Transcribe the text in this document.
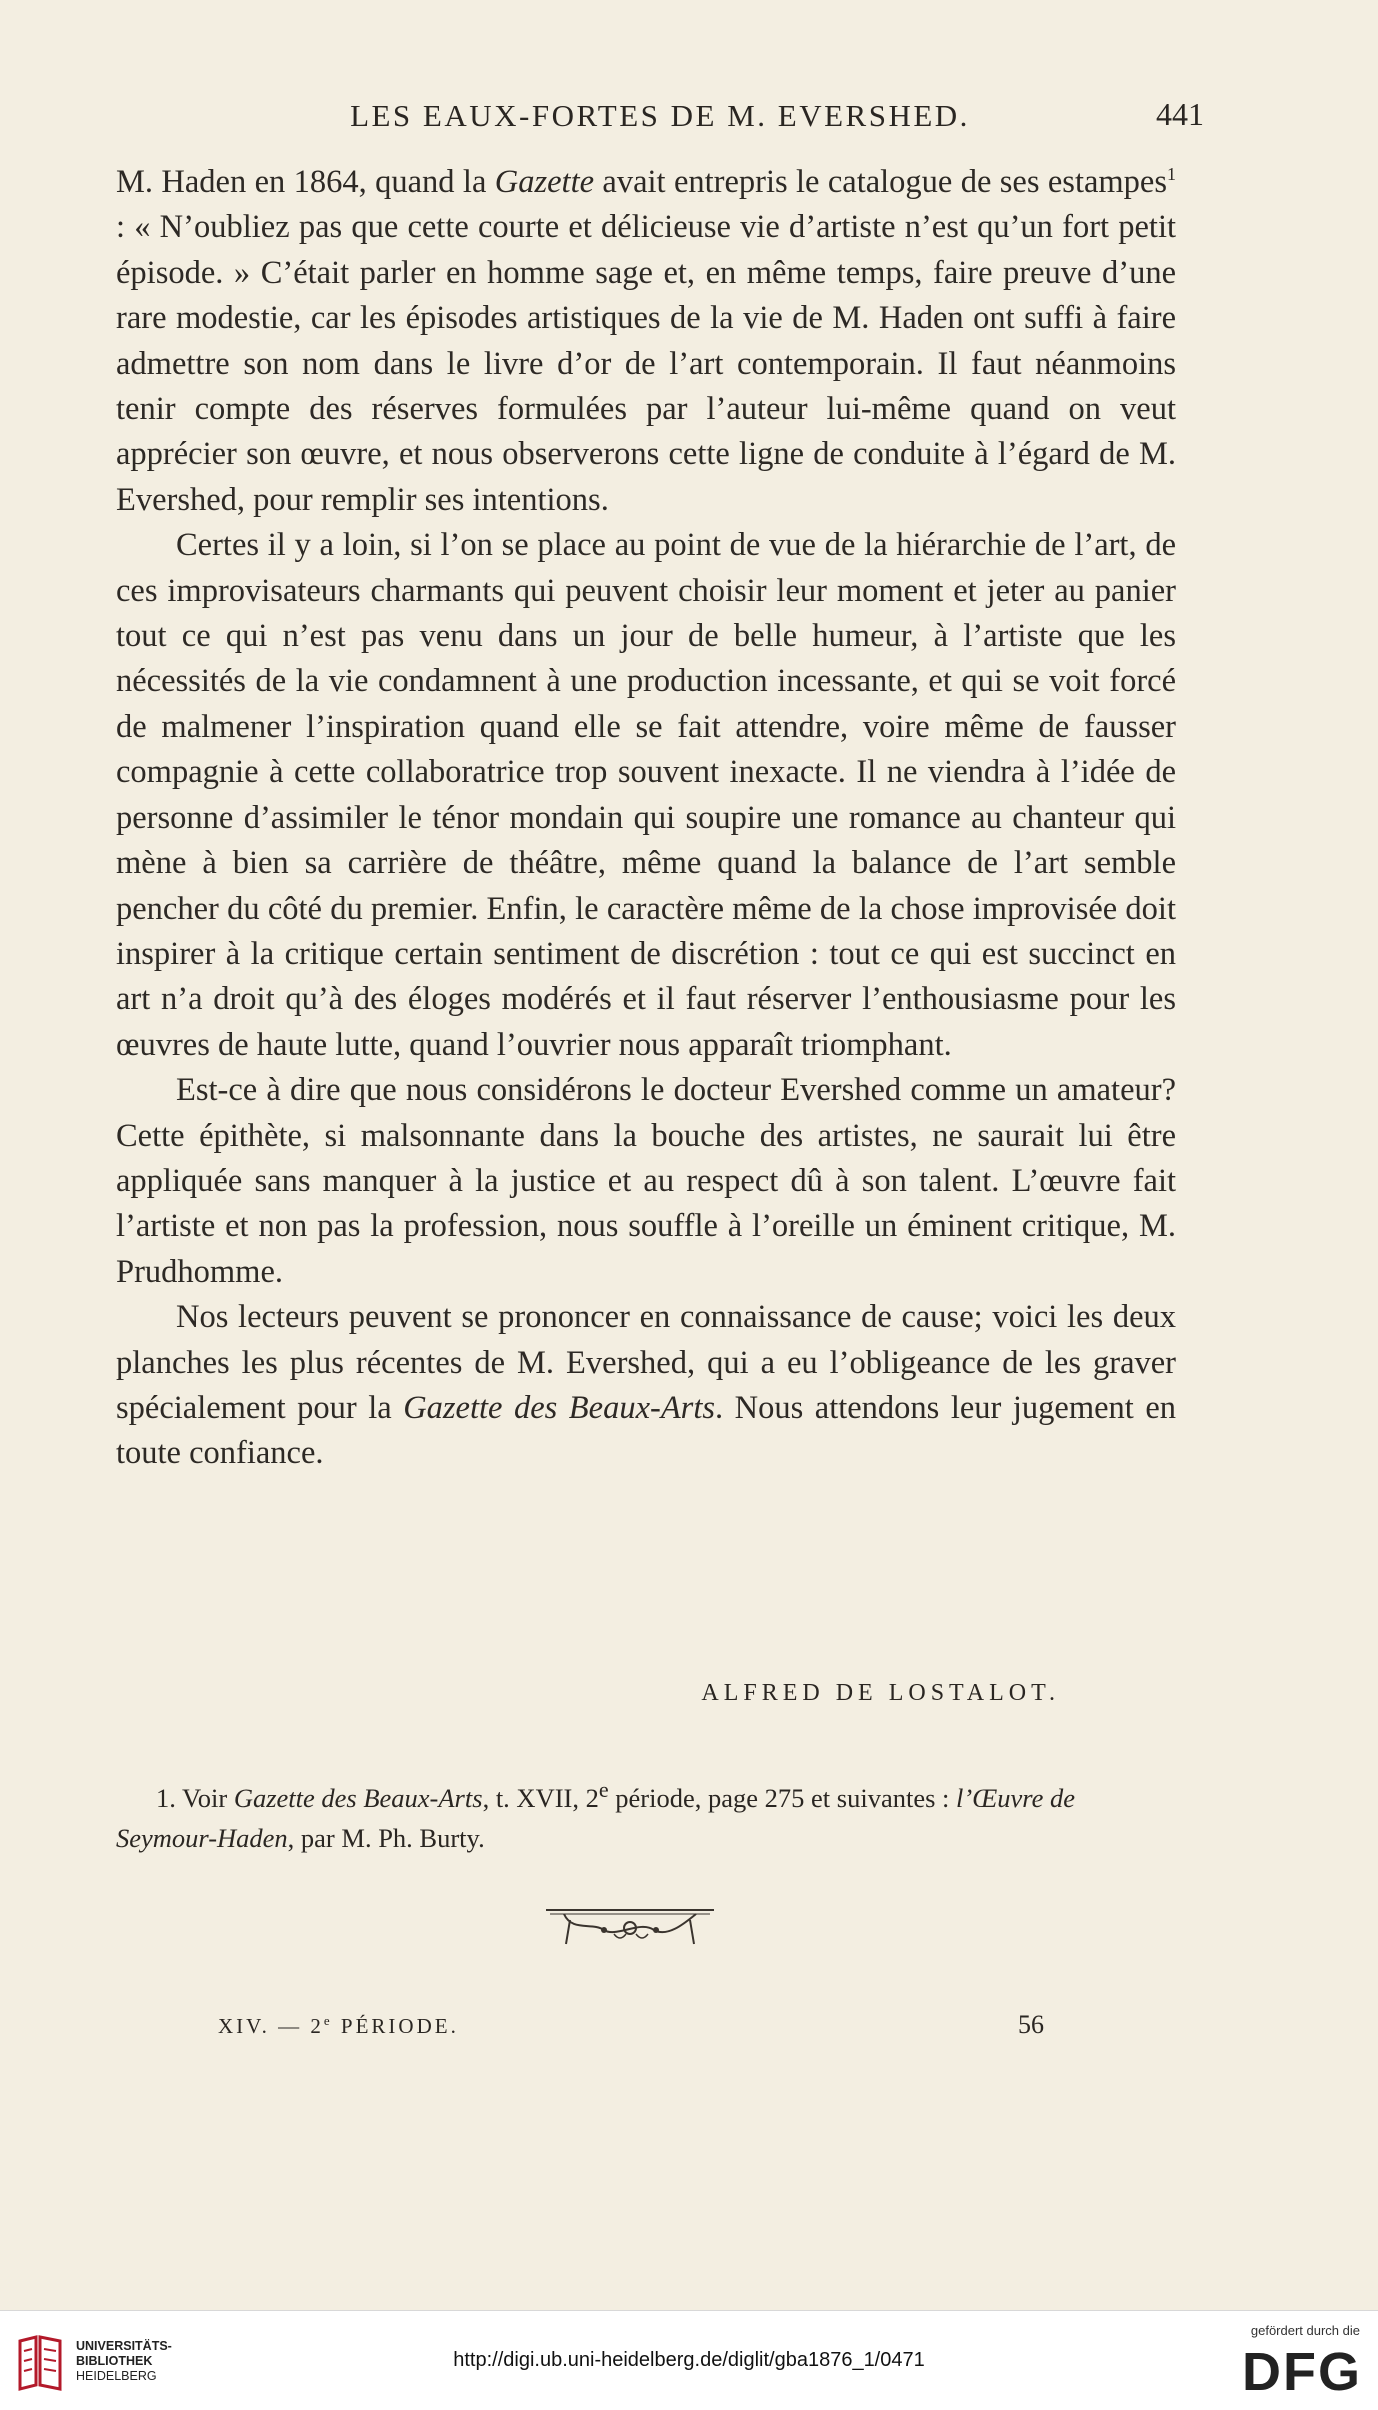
LES EAUX-FORTES DE M. EVERSHED.	441

M. Haden en 1864, quand la Gazette avait entrepris le catalogue de ses estampes$^1$ : « N’oubliez pas que cette courte et délicieuse vie d’artiste n’est qu’un fort petit épisode. » C’était parler en homme sage et, en même temps, faire preuve d’une rare modestie, car les épisodes artistiques de la vie de M. Haden ont suffi à faire admettre son nom dans le livre d’or de l’art contemporain. Il faut néanmoins tenir compte des réserves formulées par l’auteur lui-même quand on veut apprécier son œuvre, et nous observerons cette ligne de conduite à l’égard de M. Evershed, pour remplir ses intentions.

Certes il y a loin, si l’on se place au point de vue de la hiérarchie de l’art, de ces improvisateurs charmants qui peuvent choisir leur moment et jeter au panier tout ce qui n’est pas venu dans un jour de belle humeur, à l’artiste que les nécessités de la vie condamnent à une production incessante, et qui se voit forcé de malmener l’inspiration quand elle se fait attendre, voire même de fausser compagnie à cette collaboratrice trop souvent inexacte. Il ne viendra à l’idée de personne d’assimiler le ténor mondain qui soupire une romance au chanteur qui mène à bien sa carrière de théâtre, même quand la balance de l’art semble pencher du côté du premier. Enfin, le caractère même de la chose improvisée doit inspirer à la critique certain sentiment de discrétion : tout ce qui est succinct en art n’a droit qu’à des éloges modérés et il faut réserver l’enthousiasme pour les œuvres de haute lutte, quand l’ouvrier nous apparaît triomphant.

Est-ce à dire que nous considérons le docteur Evershed comme un amateur? Cette épithète, si malsonnante dans la bouche des artistes, ne saurait lui être appliquée sans manquer à la justice et au respect dû à son talent. L’œuvre fait l’artiste et non pas la profession, nous souffle à l’oreille un éminent critique, M. Prudhomme.

Nos lecteurs peuvent se prononcer en connaissance de cause; voici les deux planches les plus récentes de M. Evershed, qui a eu l’obligeance de les graver spécialement pour la Gazette des Beaux-Arts. Nous attendons leur jugement en toute confiance.

ALFRED DE LOSTALOT.

1. Voir Gazette des Beaux-Arts, t. XVII, 2e période, page 275 et suivantes : l’Œuvre de Seymour-Haden, par M. Ph. Burty.

XIV. — 2e PÉRIODE.	56
UNIVERSITÄTS-
BIBLIOTHEK
HEIDELBERG
http://digi.ub.uni-heidelberg.de/diglit/gba1876_1/0471
gefördert durch die
DFG
